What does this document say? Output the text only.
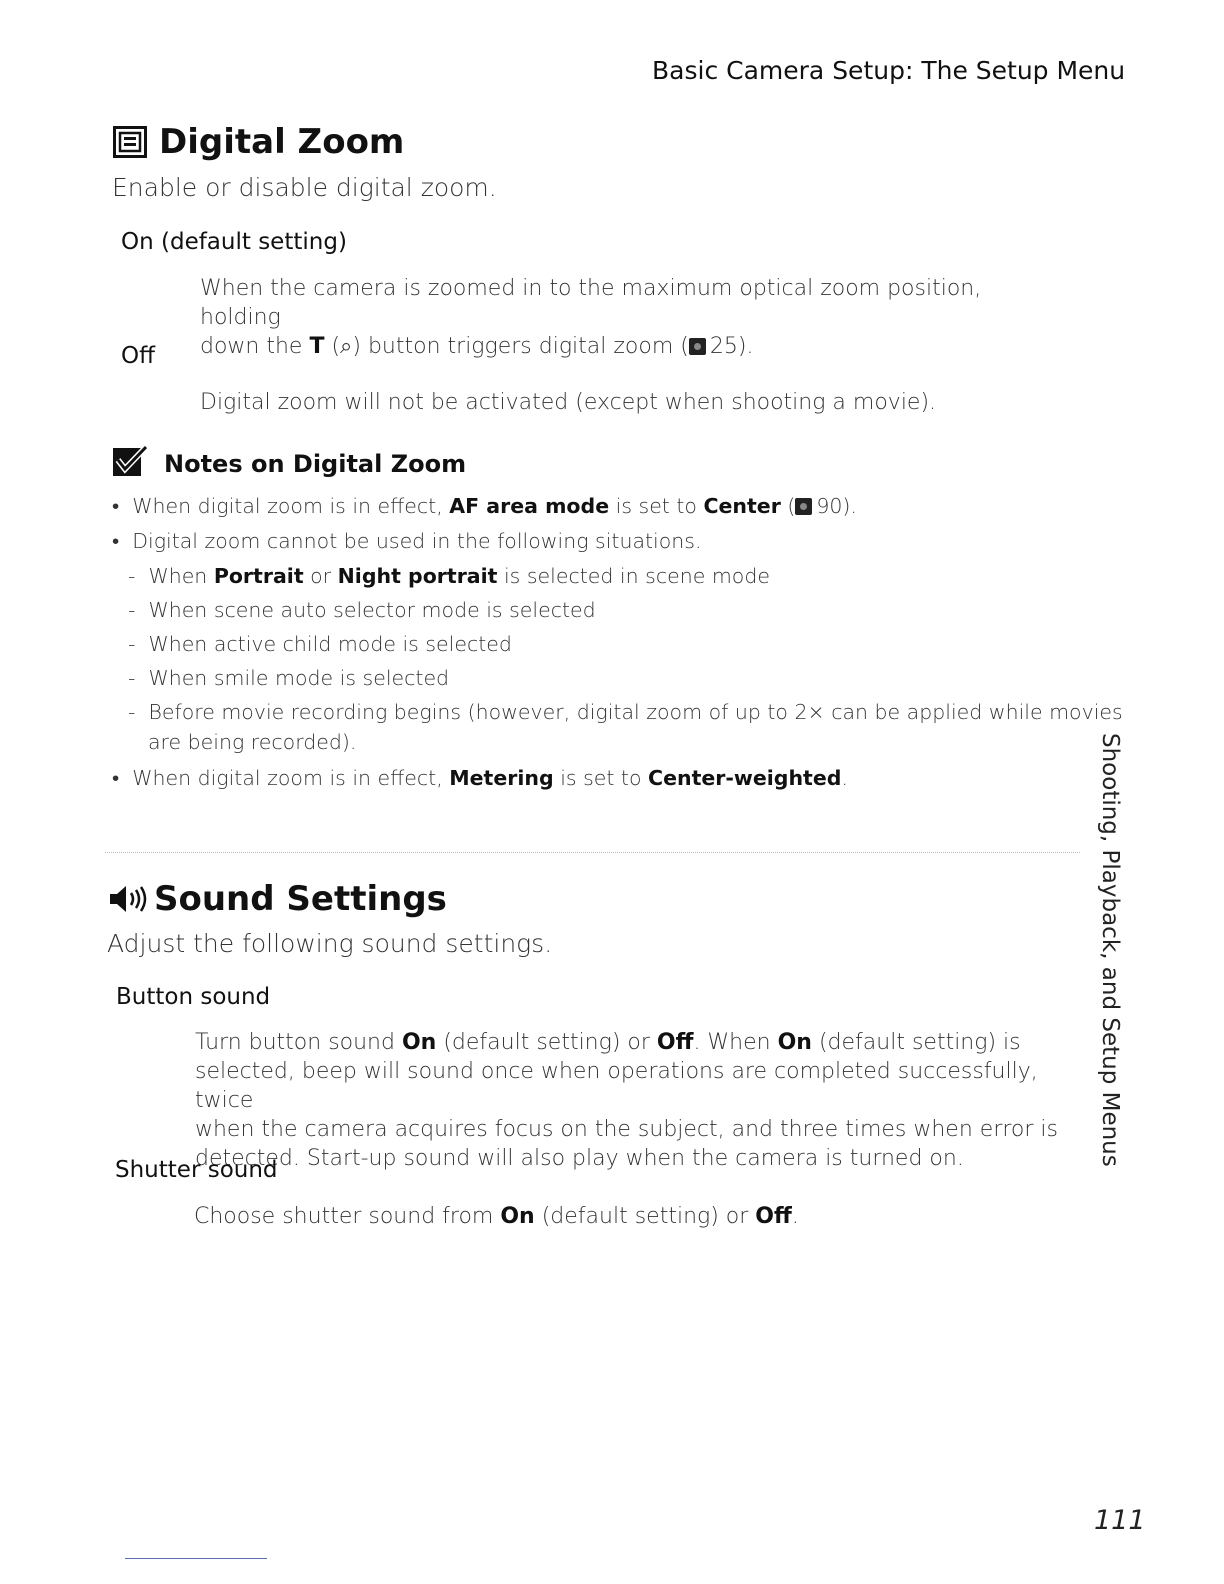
Basic Camera Setup: The Setup Menu
Digital Zoom
Enable or disable digital zoom.
On (default setting)
When the camera is zoomed in to the maximum optical zoom position, holding
down the T (⌕) button triggers digital zoom ( 25).
Off
Digital zoom will not be activated (except when shooting a movie).
Notes on Digital Zoom
•  When digital zoom is in effect, AF area mode is set to Center ( 90).
•  Digital zoom cannot be used in the following situations.
-  When Portrait or Night portrait is selected in scene mode
-  When scene auto selector mode is selected
-  When active child mode is selected
-  When smile mode is selected
-  Before movie recording begins (however, digital zoom of up to 2× can be applied while movies
are being recorded).
•  When digital zoom is in effect, Metering is set to Center-weighted.
Sound Settings
Adjust the following sound settings.
Button sound
Turn button sound On (default setting) or Off. When On (default setting) is
selected, beep will sound once when operations are completed successfully, twice
when the camera acquires focus on the subject, and three times when error is
detected. Start-up sound will also play when the camera is turned on.
Shutter sound
Choose shutter sound from On (default setting) or Off.
Shooting, Playback, and Setup Menus
111
